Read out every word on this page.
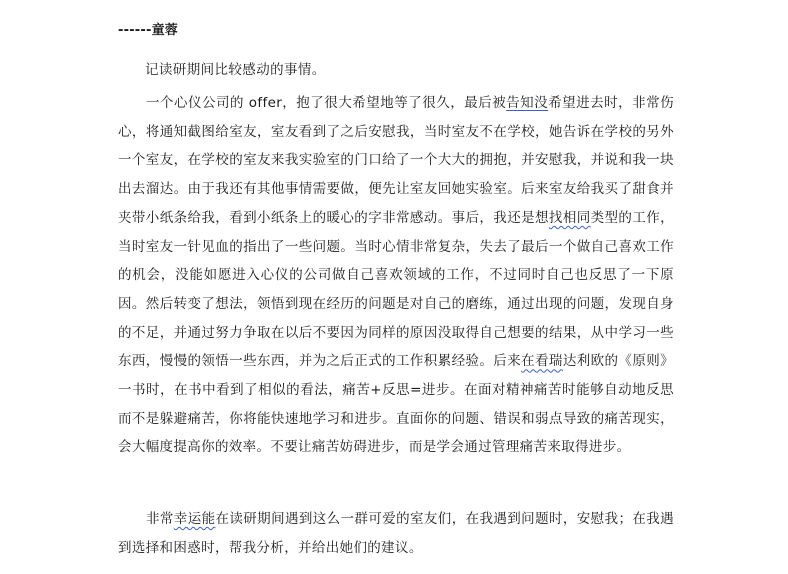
------童蓉
记读研期间比较感动的事情。

一个心仪公司的 offer，抱了很大希望地等了很久，最后被告知没希望进去时，非常伤心，将通知截图给室友，室友看到了之后安慰我，当时室友不在学校，她告诉在学校的另外一个室友，在学校的室友来我实验室的门口给了一个大大的拥抱，并安慰我，并说和我一块出去溜达。由于我还有其他事情需要做，便先让室友回她实验室。后来室友给我买了甜食并夹带小纸条给我，看到小纸条上的暖心的字非常感动。事后，我还是想找相同类型的工作，当时室友一针见血的指出了一些问题。当时心情非常复杂，失去了最后一个做自己喜欢工作的机会，没能如愿进入心仪的公司做自己喜欢领域的工作，不过同时自己也反思了一下原因。然后转变了想法，领悟到现在经历的问题是对自己的磨练，通过出现的问题，发现自身的不足，并通过努力争取在以后不要因为同样的原因没取得自己想要的结果，从中学习一些东西，慢慢的领悟一些东西，并为之后正式的工作积累经验。后来在看瑞达利欧的《原则》一书时，在书中看到了相似的看法，痛苦+反思=进步。在面对精神痛苦时能够自动地反思而不是躲避痛苦，你将能快速地学习和进步。直面你的问题、错误和弱点导致的痛苦现实，会大幅度提高你的效率。不要让痛苦妨碍进步，而是学会通过管理痛苦来取得进步。

非常幸运能在读研期间遇到这么一群可爱的室友们，在我遇到问题时，安慰我；在我遇到选择和困惑时，帮我分析，并给出她们的建议。
